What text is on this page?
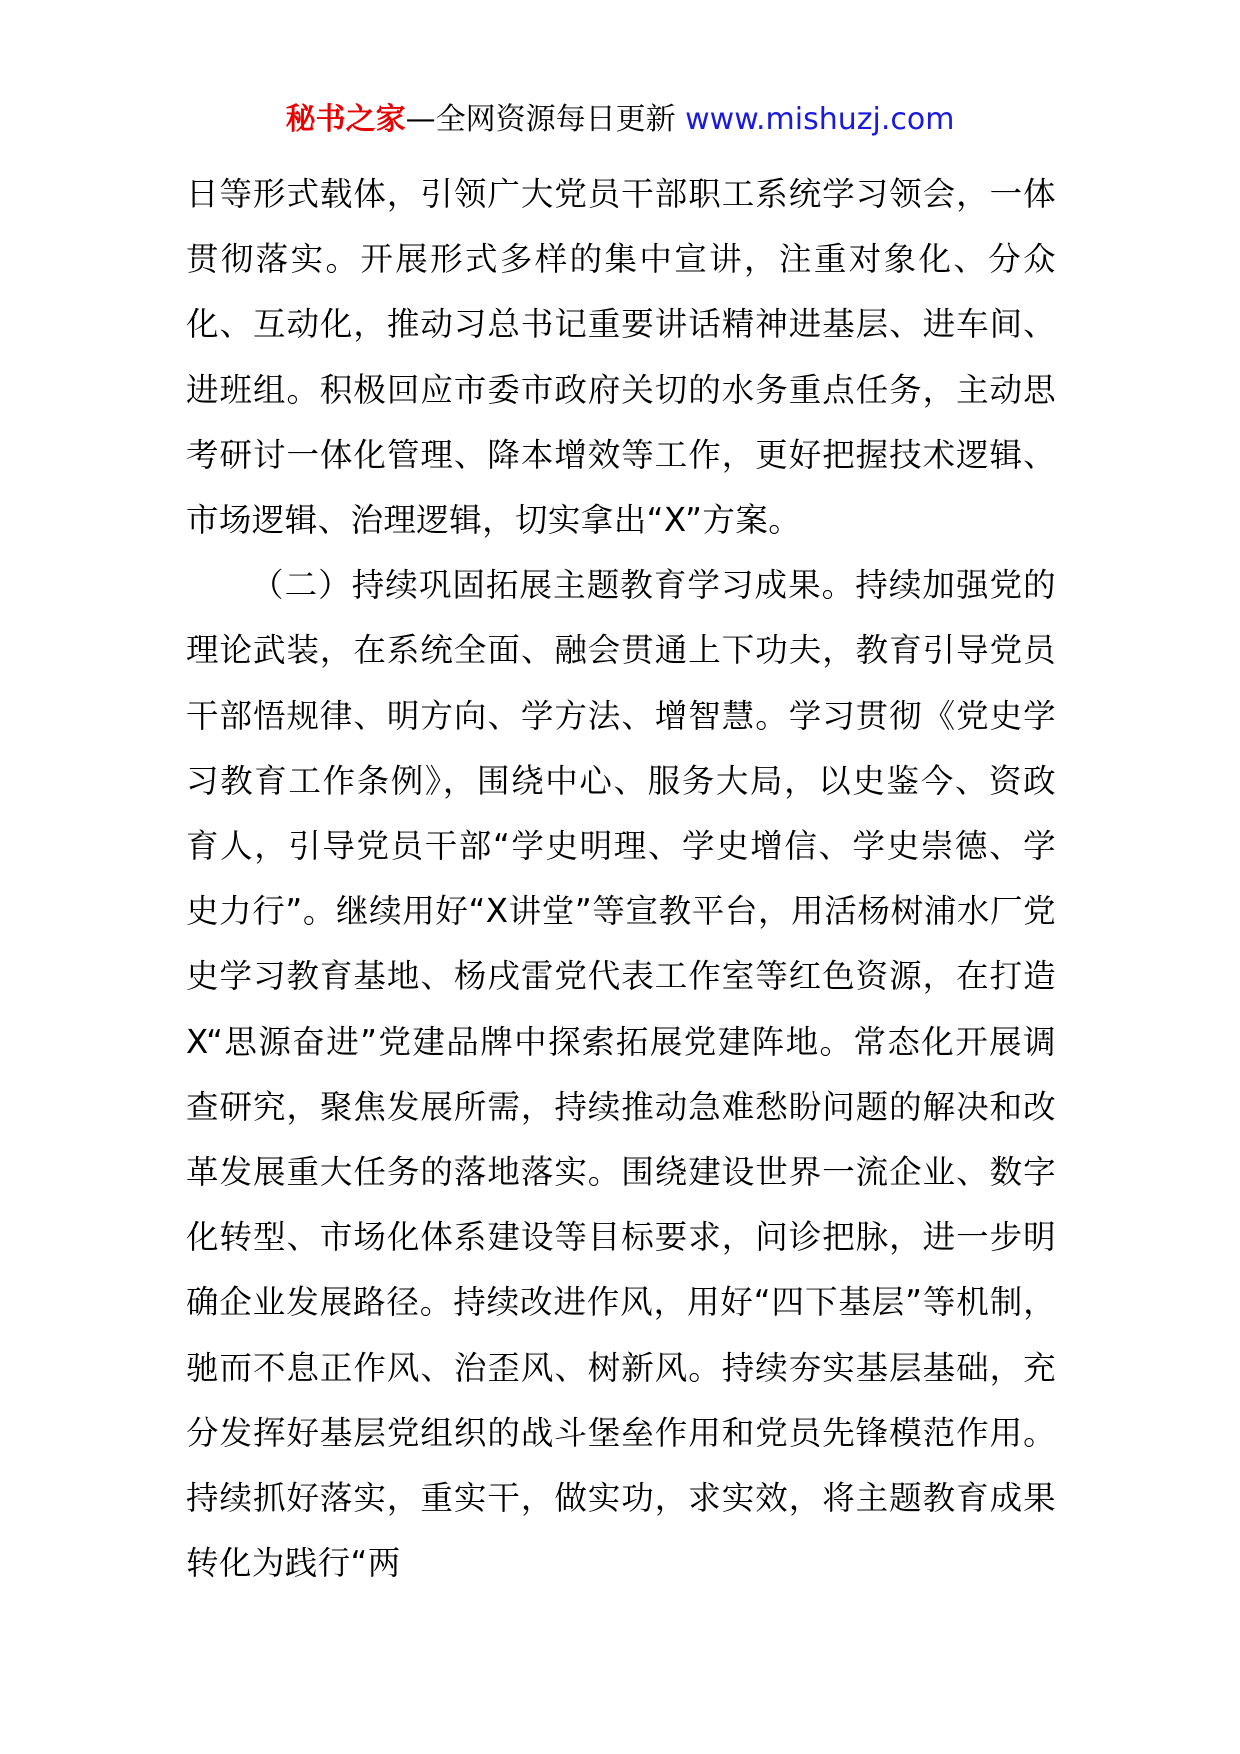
秘书之家—全网资源每日更新 www.mishuzj.com

日等形式载体，引领广大党员干部职工系统学习领会，一体贯彻落实。开展形式多样的集中宣讲，注重对象化、分众化、互动化，推动习总书记重要讲话精神进基层、进车间、进班组。积极回应市委市政府关切的水务重点任务，主动思考研讨一体化管理、降本增效等工作，更好把握技术逻辑、市场逻辑、治理逻辑，切实拿出“X”方案。

（二）持续巩固拓展主题教育学习成果。持续加强党的理论武装，在系统全面、融会贯通上下功夫，教育引导党员干部悟规律、明方向、学方法、增智慧。学习贯彻《党史学习教育工作条例》，围绕中心、服务大局，以史鉴今、资政育人，引导党员干部“学史明理、学史增信、学史崇德、学史力行”。继续用好“X讲堂”等宣教平台，用活杨树浦水厂党史学习教育基地、杨戌雷党代表工作室等红色资源，在打造X“思源奋进”党建品牌中探索拓展党建阵地。常态化开展调查研究，聚焦发展所需，持续推动急难愁盼问题的解决和改革发展重大任务的落地落实。围绕建设世界一流企业、数字化转型、市场化体系建设等目标要求，问诊把脉，进一步明确企业发展路径。持续改进作风，用好“四下基层”等机制，驰而不息正作风、治歪风、树新风。持续夯实基层基础，充分发挥好基层党组织的战斗堡垒作用和党员先锋模范作用。持续抓好落实，重实干，做实功，求实效，将主题教育成果转化为践行“两
